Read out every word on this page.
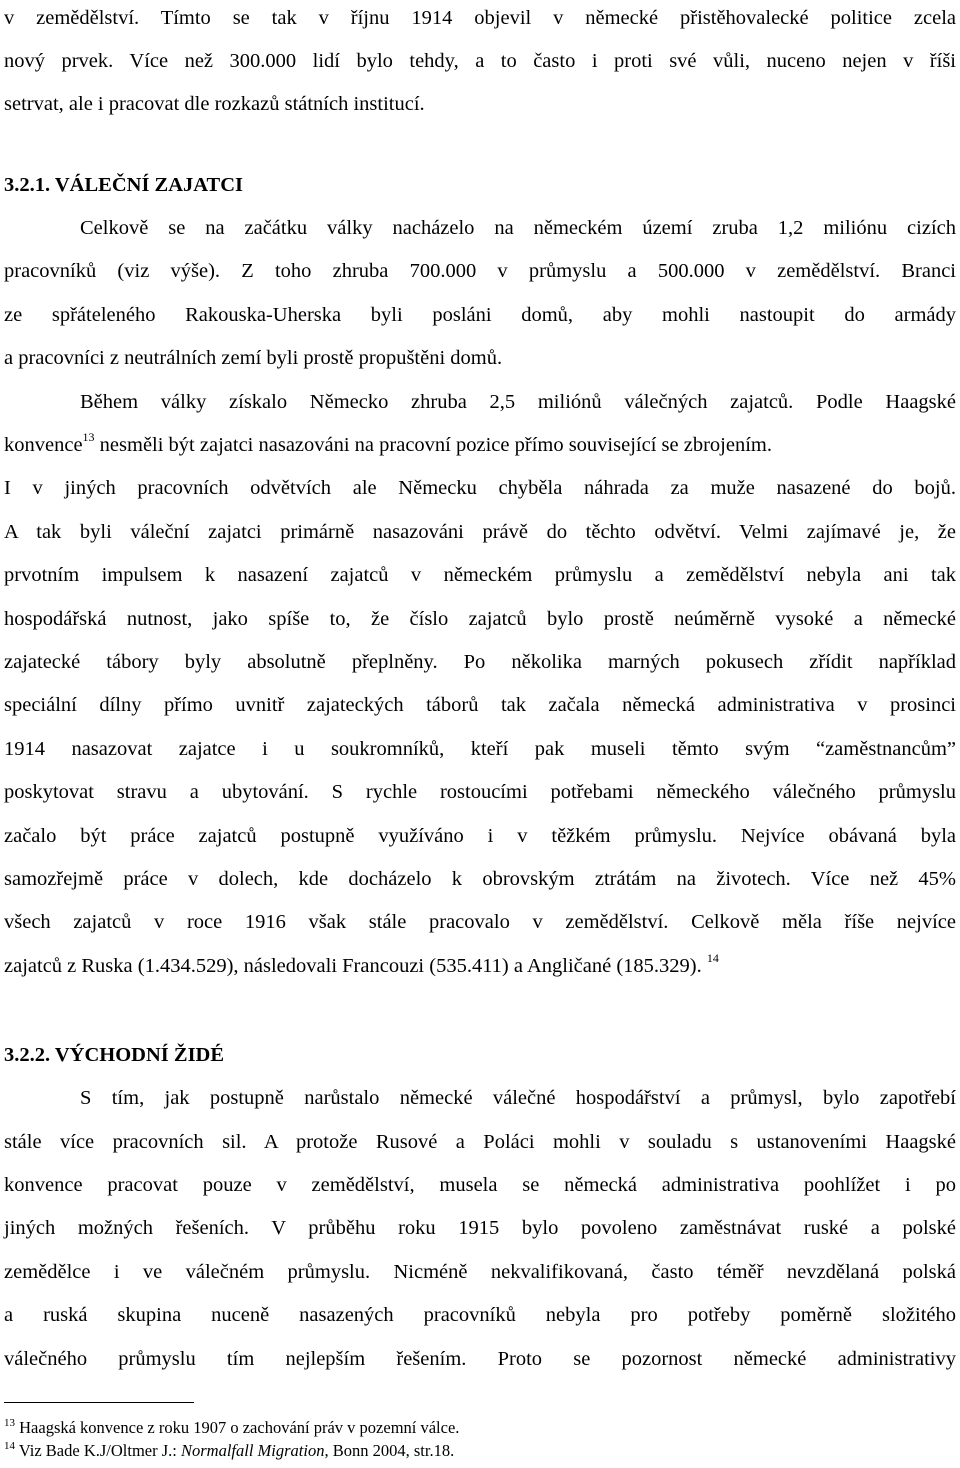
v zemědělství. Tímto se tak v říjnu 1914 objevil v německé přistěhovalecké politice zcela
nový prvek. Více než 300.000 lidí bylo tehdy, a to často i proti své vůli, nuceno nejen v říši
setrvat, ale i pracovat dle rozkazů státních institucí.
3.2.1. VÁLEČNÍ ZAJATCI
Celkově se na začátku války nacházelo na německém území zruba 1,2 miliónu cizích
pracovníků (viz výše). Z toho zhruba 700.000 v průmyslu a 500.000 v zemědělství. Branci
ze spřáteleného Rakouska-Uherska byli posláni domů, aby mohli nastoupit do armády
a pracovníci z neutrálních zemí byli prostě propuštěni domů.
Během války získalo Německo zhruba 2,5 miliónů válečných zajatců. Podle Haagské
konvence$^{13}$ nesměli být zajatci nasazováni na pracovní pozice přímo související se zbrojením.
I v jiných pracovních odvětvích ale Německu chyběla náhrada za muže nasazené do bojů.
A tak byli váleční zajatci primárně nasazováni právě do těchto odvětví. Velmi zajímavé je, že
prvotním impulsem k nasazení zajatců v německém průmyslu a zemědělství nebyla ani tak
hospodářská nutnost, jako spíše to, že číslo zajatců bylo prostě neúměrně vysoké a německé
zajatecké tábory byly absolutně přeplněny. Po několika marných pokusech zřídit například
speciální dílny přímo uvnitř zajateckých táborů tak začala německá administrativa v prosinci
1914 nasazovat zajatce i u soukromníků, kteří pak museli těmto svým “zaměstnancům”
poskytovat stravu a ubytování. S rychle rostoucími potřebami německého válečného průmyslu
začalo být práce zajatců postupně využíváno i v těžkém průmyslu. Nejvíce obávaná byla
samozřejmě práce v dolech, kde docházelo k obrovským ztrátám na životech. Více než 45%
všech zajatců v roce 1916 však stále pracovalo v zemědělství. Celkově měla říše nejvíce
zajatců z Ruska (1.434.529), následovali Francouzi (535.411) a Angličané (185.329). $^{14}$
3.2.2. VÝCHODNÍ ŽIDÉ
S tím, jak postupně narůstalo německé válečné hospodářství a průmysl, bylo zapotřebí
stále více pracovních sil. A protože Rusové a Poláci mohli v souladu s ustanoveními Haagské
konvence pracovat pouze v zemědělství, musela se německá administrativa poohlížet i po
jiných možných řešeních. V průběhu roku 1915 bylo povoleno zaměstnávat ruské a polské
zemědělce i ve válečném průmyslu. Nicméně nekvalifikovaná, často téměř nevzdělaná polská
a ruská skupina nuceně nasazených pracovníků nebyla pro potřeby poměrně složitého
válečného průmyslu tím nejlepším řešením. Proto se pozornost německé administrativy
$^{13}$ Haagská konvence z roku 1907 o zachování práv v pozemní válce.
$^{14}$ Viz Bade K.J/Oltmer J.: Normalfall Migration, Bonn 2004, str.18.
